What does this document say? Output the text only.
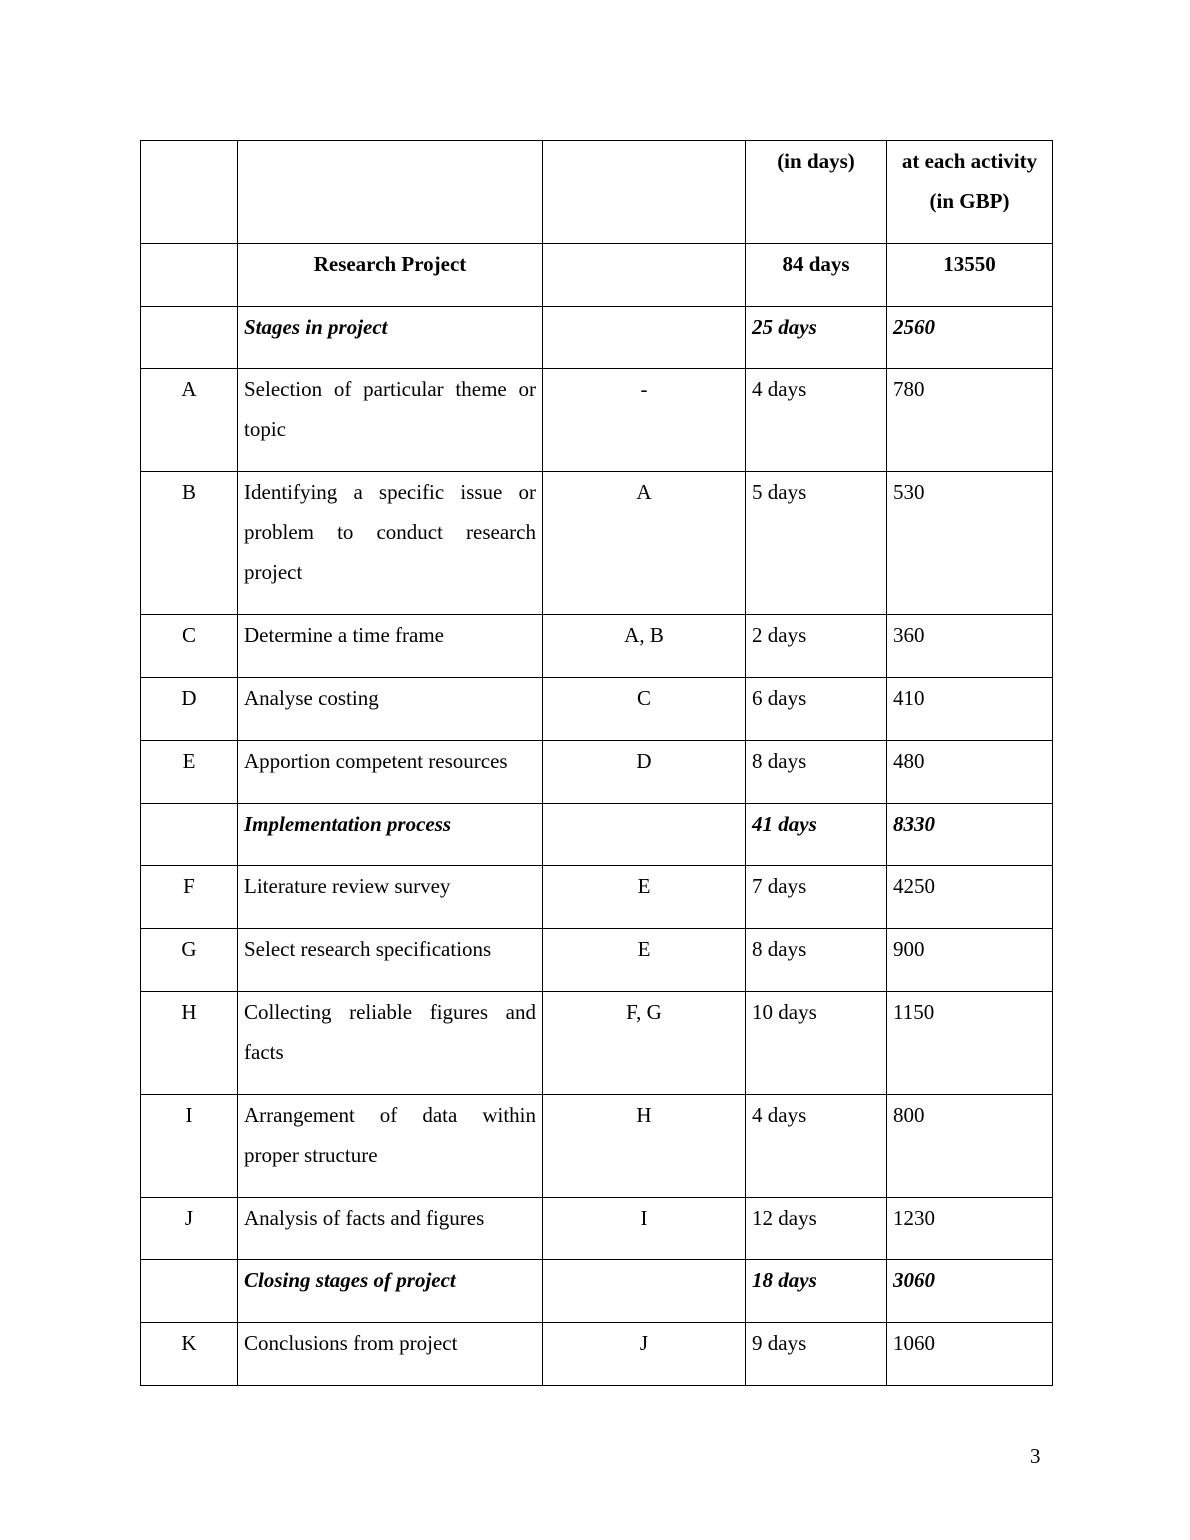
			(in days)	at each activity
(in GBP)
	Research Project		84 days	13550
	Stages in project		25 days	2560
A	Selection of particular theme or topic	-	4 days	780
B	Identifying a specific issue or problem to conduct research project	A	5 days	530
C	Determine a time frame	A, B	2 days	360
D	Analyse costing	C	6 days	410
E	Apportion competent resources	D	8 days	480
	Implementation process		41 days	8330
F	Literature review survey	E	7 days	4250
G	Select research specifications	E	8 days	900
H	Collecting reliable figures and facts	F, G	10 days	1150
I	Arrangement of data within proper structure	H	4 days	800
J	Analysis of facts and figures	I	12 days	1230
	Closing stages of project		18 days	3060
K	Conclusions from project	J	9 days	1060
3
